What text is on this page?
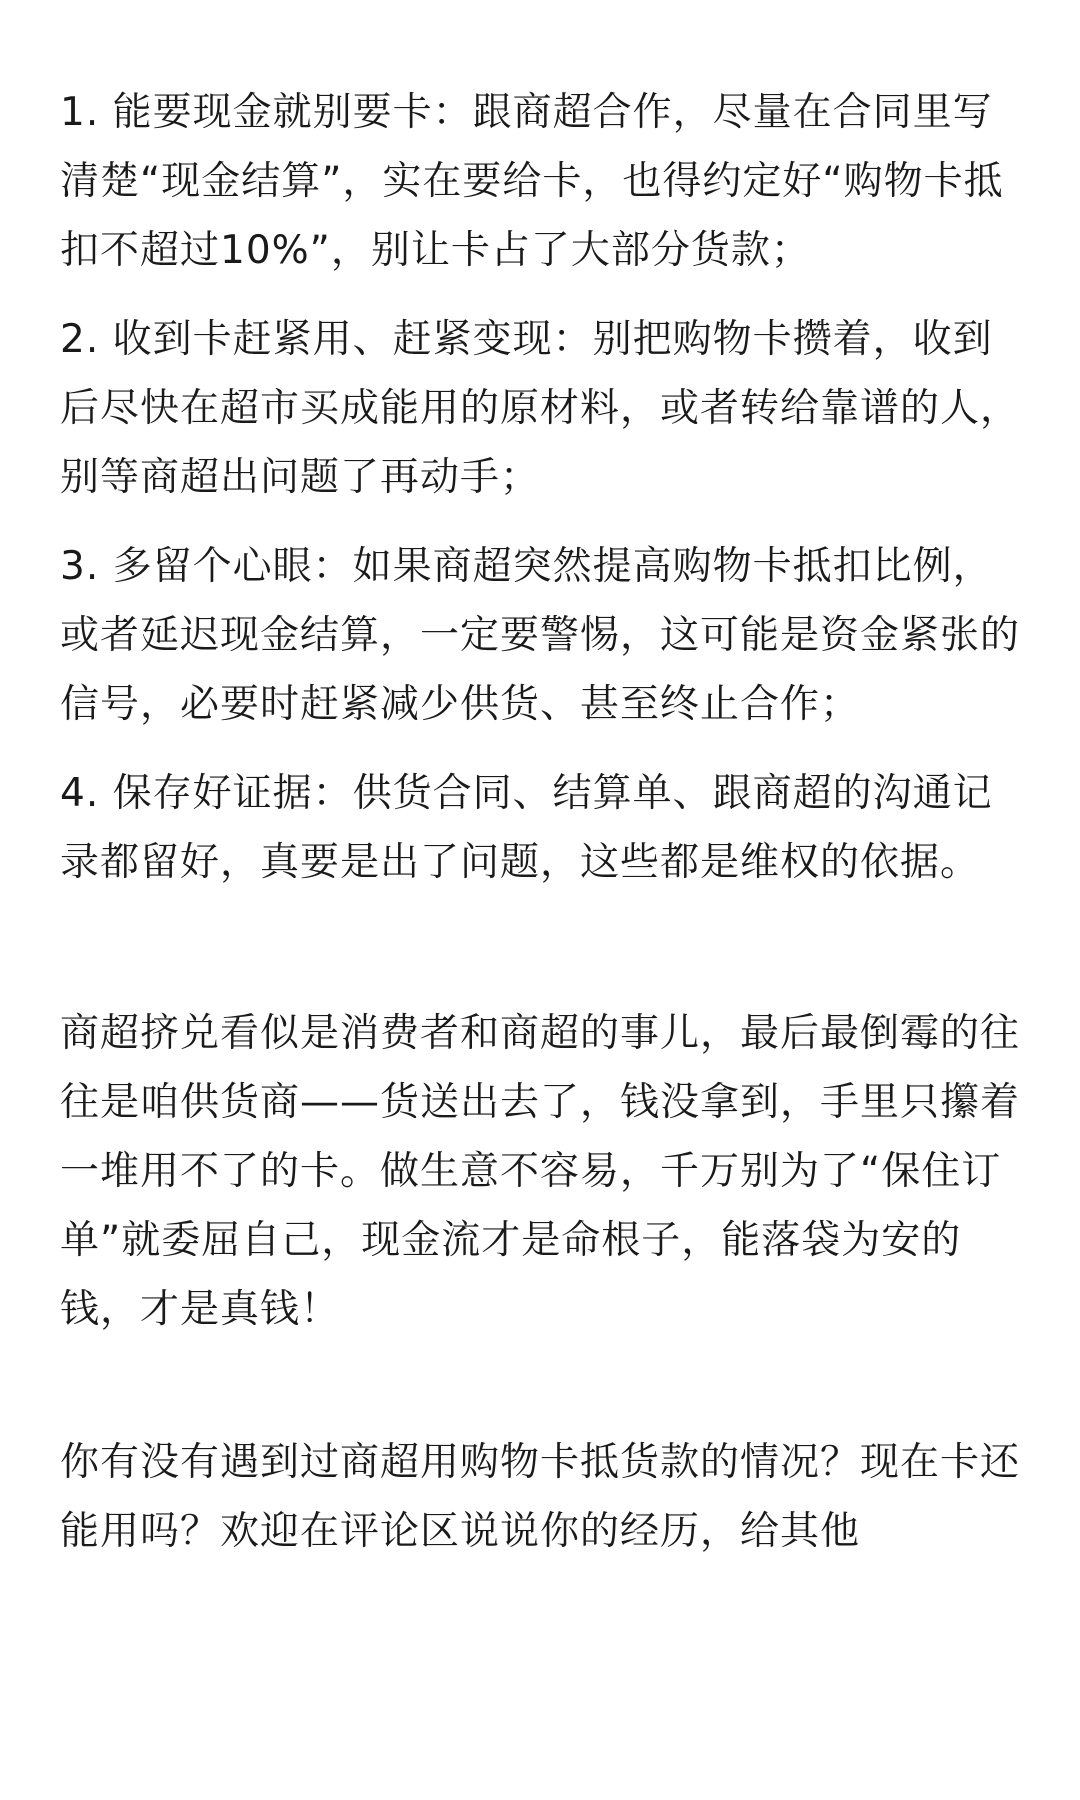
1. 能要现金就别要卡：跟商超合作，尽量在合同里写清楚“现金结算”，实在要给卡，也得约定好“购物卡抵扣不超过10%”，别让卡占了大部分货款；

2. 收到卡赶紧用、赶紧变现：别把购物卡攒着，收到后尽快在超市买成能用的原材料，或者转给靠谱的人，别等商超出问题了再动手；

3. 多留个心眼：如果商超突然提高购物卡抵扣比例，或者延迟现金结算，一定要警惕，这可能是资金紧张的信号，必要时赶紧减少供货、甚至终止合作；

4. 保存好证据：供货合同、结算单、跟商超的沟通记录都留好，真要是出了问题，这些都是维权的依据。

商超挤兑看似是消费者和商超的事儿，最后最倒霉的往往是咱供货商——货送出去了，钱没拿到，手里只攥着一堆用不了的卡。做生意不容易，千万别为了“保住订单”就委屈自己，现金流才是命根子，能落袋为安的钱，才是真钱！

你有没有遇到过商超用购物卡抵货款的情况？现在卡还能用吗？欢迎在评论区说说你的经历，给其他
